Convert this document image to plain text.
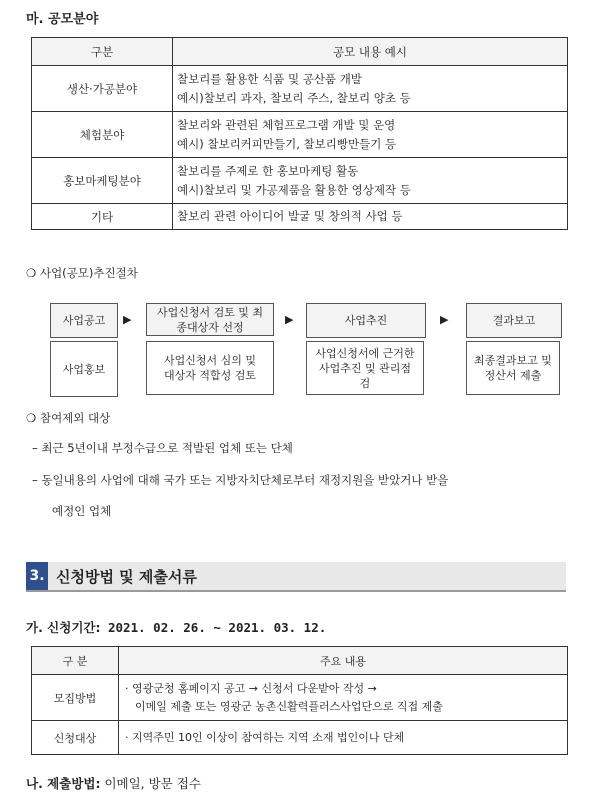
마. 공모분야
구분	공모 내용 예시
생산·가공분야	찰보리를 활용한 식품 및 공산품 개발
예시)찰보리 과자, 찰보리 주스, 찰보리 양초 등

체험분야	찰보리와 관련된 체험프로그램 개발 및 운영
예시) 찰보리커피만들기, 찰보리빵만들기 등

홍보마케팅분야	찰보리를 주제로 한 홍보마케팅 활동
예시)찰보리 및 가공제품을 활용한 영상제작 등

기타	찰보리 관련 아이디어 발굴 및 창의적 사업 등
❍ 사업(공모)추진절차
사업공고
사업홍보
▶
사업신청서 검토 및 최종대상자 선정
사업신청서 심의 및 대상자 적합성 검토
▶	사업추진
사업신청서에 근거한 사업추진 및 관리점검
▶	결과보고
최종결과보고 및 정산서 제출
❍ 참여제외 대상
– 최근 5년이내 부정수급으로 적발된 업체 또는 단체
– 동일내용의 사업에 대해 국가 또는 지방자치단체로부터 재정지원을 받았거나 받을
예정인 업체
3. 신청방법 및 제출서류
가. 신청기간: 2021. 02. 26. ~ 2021. 03. 12.
구 분	주요 내용
모집방법	· 영광군청 홈페이지 공고 → 신청서 다운받아 작성 →
이메일 제출 또는 영광군 농촌신활력플러스사업단으로 직접 제출

신청대상	· 지역주민 10인 이상이 참여하는 지역 소재 법인이나 단체
나. 제출방법: 이메일, 방문 접수
